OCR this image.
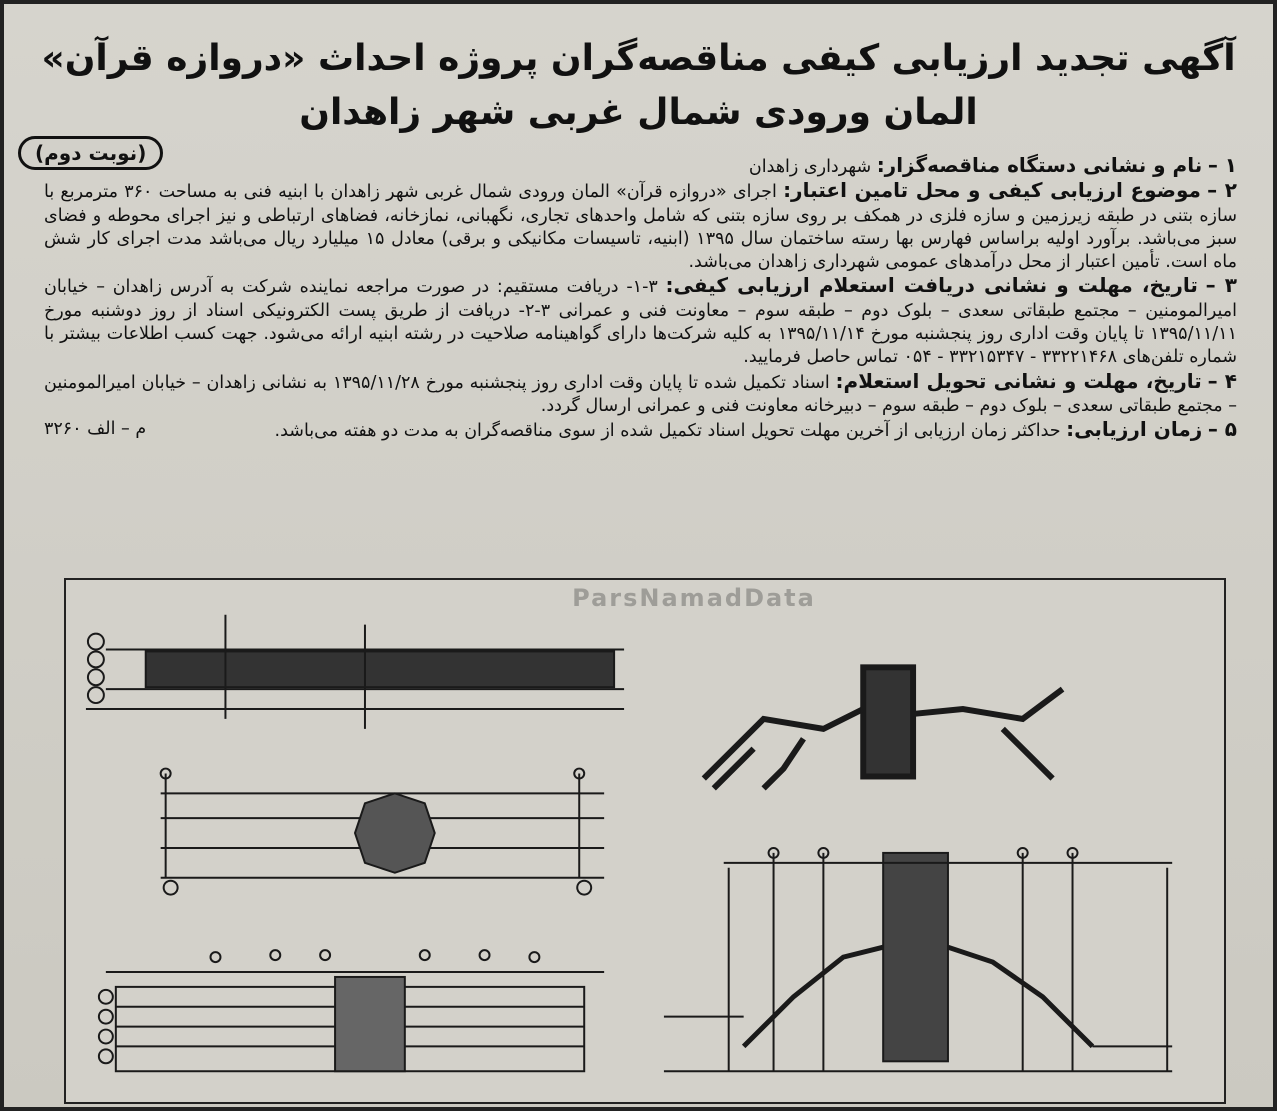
آگهی تجدید ارزیابی کیفی مناقصه‌گران پروژه احداث «دروازه قرآن»
المان ورودی شمال غربی شهر زاهدان
(نوبت دوم)	۱ – نام و نشانی دستگاه مناقصه‌گزار: شهرداری زاهدان

۲ – موضوع ارزیابی کیفی و محل تامین اعتبار: اجرای «دروازه قرآن» المان ورودی شمال غربی شهر زاهدان با ابنیه فنی به مساحت ۳۶۰ مترمربع با سازه بتنی در طبقه زیرزمین و سازه فلزی در همکف بر روی سازه بتنی که شامل واحدهای تجاری، نگهبانی، نمازخانه، فضاهای ارتباطی و نیز اجرای محوطه و فضای سبز می‌باشد. برآورد اولیه براساس فهارس بها رسته ساختمان سال ۱۳۹۵ (ابنیه، تاسیسات مکانیکی و برقی) معادل ۱۵ میلیارد ریال می‌باشد مدت اجرای کار شش ماه است. تأمین اعتبار از محل درآمدهای عمومی شهرداری زاهدان می‌باشد.

۳ – تاریخ، مهلت و نشانی دریافت استعلام ارزیابی کیفی: ۳-۱- دریافت مستقیم: در صورت مراجعه نماینده شرکت به آدرس زاهدان – خیابان امیرالمومنین – مجتمع طبقاتی سعدی – بلوک دوم – طبقه سوم – معاونت فنی و عمرانی ۳-۲- دریافت از طریق پست الکترونیکی اسناد از روز دوشنبه مورخ ۱۳۹۵/۱۱/۱۱ تا پایان وقت اداری روز پنجشنبه مورخ ۱۳۹۵/۱۱/۱۴ به کلیه شرکت‌ها دارای گواهینامه صلاحیت در رشته ابنیه ارائه می‌شود. جهت کسب اطلاعات بیشتر با شماره تلفن‌های ۳۳۲۲۱۴۶۸ - ۳۳۲۱۵۳۴۷ - ۰۵۴ تماس حاصل فرمایید.

۴ – تاریخ، مهلت و نشانی تحویل استعلام: اسناد تکمیل شده تا پایان وقت اداری روز پنجشنبه مورخ ۱۳۹۵/۱۱/۲۸ به نشانی زاهدان – خیابان امیرالمومنین – مجتمع طبقاتی سعدی – بلوک دوم – طبقه سوم – دبیرخانه معاونت فنی و عمرانی ارسال گردد.

۵ – زمان ارزیابی: حداکثر زمان ارزیابی از آخرین مهلت تحویل اسناد تکمیل شده از سوی مناقصه‌گران به مدت دو هفته می‌باشد.
م – الف ۳۲۶۰

ParsNamadData
